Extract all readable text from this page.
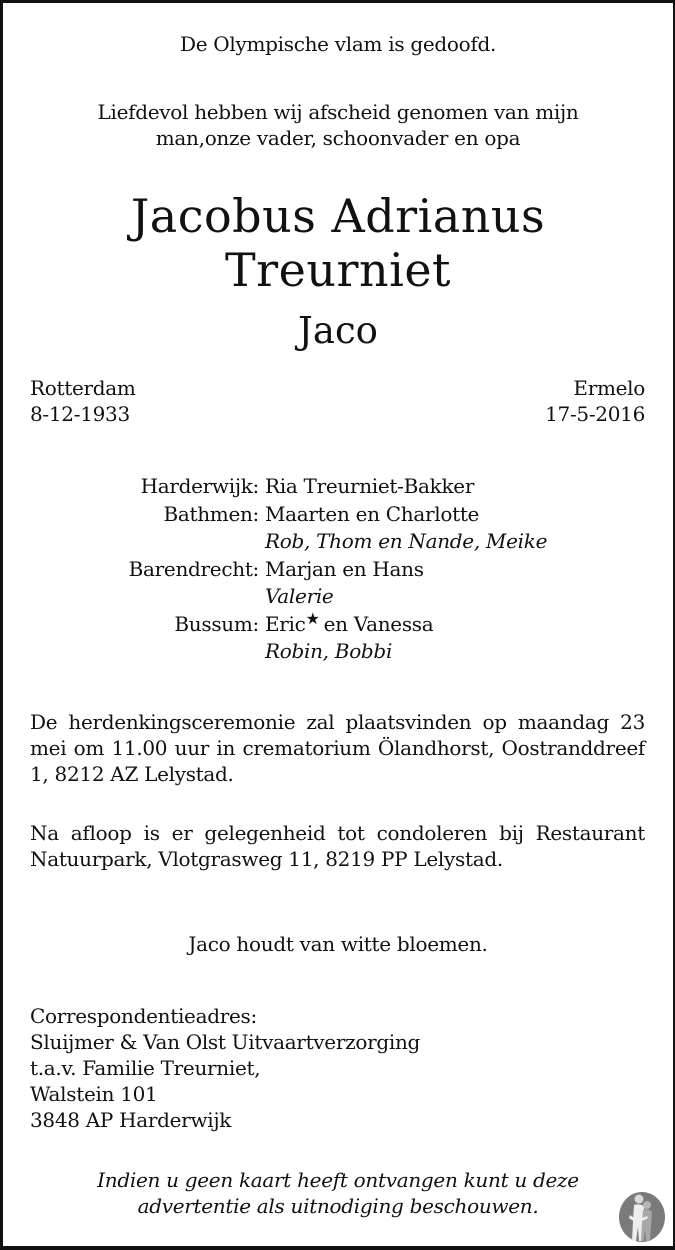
De Olympische vlam is gedoofd.

Liefdevol hebben wij afscheid genomen van mijn
man,onze vader, schoonvader en opa
Jacobus Adrianus
Treurniet

Jaco

Rotterdam
8-12-1933
Ermelo
17-5-2016
Harderwijk: Ria Treurniet-Bakker
Bathmen: Maarten en Charlotte
Rob, Thom en Nande, Meike
Barendrecht: Marjan en Hans
Valerie
Bussum: Eric★ en Vanessa
Robin, Bobbi

De herdenkingsceremonie zal plaatsvinden op maandag 23 mei om 11.00 uur in crematorium Ölandhorst, Oostranddreef 1, 8212 AZ Lelystad.

Na afloop is er gelegenheid tot condoleren bij Restaurant Natuurpark, Vlotgrasweg 11, 8219 PP Lelystad.

Jaco houdt van witte bloemen.

Correspondentieadres:
Sluijmer & Van Olst Uitvaartverzorging
t.a.v. Familie Treurniet,
Walstein 101
3848 AP Harderwijk
Indien u geen kaart heeft ontvangen kunt u deze
advertentie als uitnodiging beschouwen.
